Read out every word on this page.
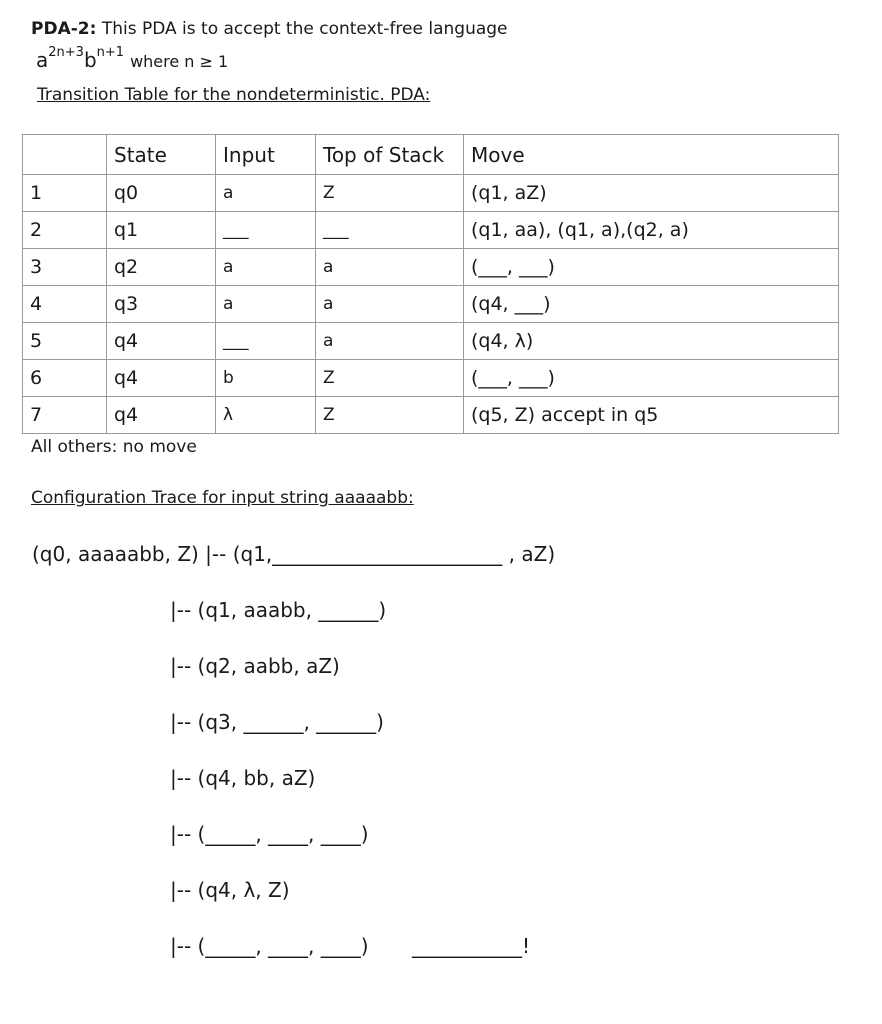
PDA-2: This PDA is to accept the context-free language
$a^{2n+3}b^{n+1}$ where n ≥ 1
Transition Table for the nondeterministic. PDA:
	State	Input	Top of Stack	Move
1	q0	a	Z	(q1, aZ)
2	q1	___	___	(q1, aa), (q1, a),(q2, a)
3	q2	a	a	(___, ___)
4	q3	a	a	(q4, ___)
5	q4	___	a	(q4, λ)
6	q4	b	Z	(___, ___)
7	q4	λ	Z	(q5, Z) accept in q5
All others: no move
Configuration Trace for input string aaaaabb:
(q0, aaaaabb, Z) |-- (q1,_______________________ , aZ)
|-- (q1, aaabb, ______)
|-- (q2, aabb, aZ)
|-- (q3, ______, ______)
|-- (q4, bb, aZ)
|-- (_____, ____, ____)
|-- (q4, λ, Z)
|-- (_____, ____, ____) ___________!
